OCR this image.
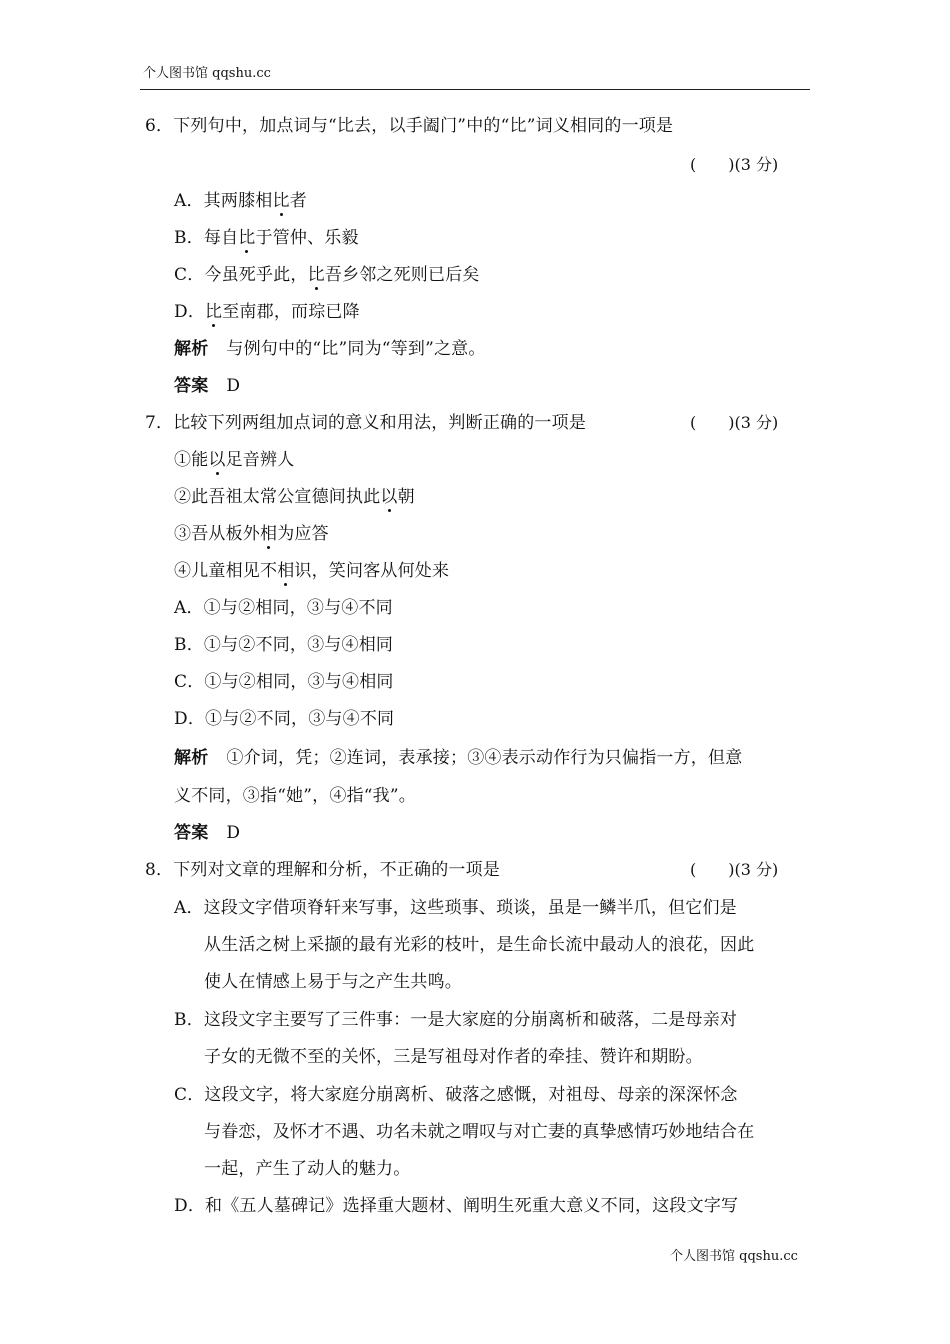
个人图书馆 qqshu.cc
6．下列句中，加点词与“比去，以手阖门”中的“比”词义相同的一项是
(　　)(3 分)
A．其两膝相比者
B．每自比于管仲、乐毅
C．今虽死乎此，比吾乡邻之死则已后矣
D．比至南郡，而琮已降
解析 与例句中的“比”同为“等到”之意。
答案 D
7．比较下列两组加点词的意义和用法，判断正确的一项是	(　　)(3 分)
①能以足音辨人
②此吾祖太常公宣德间执此以朝
③吾从板外相为应答
④儿童相见不相识，笑问客从何处来
A．①与②相同，③与④不同
B．①与②不同，③与④相同
C．①与②相同，③与④相同
D．①与②不同，③与④不同
解析 ①介词，凭；②连词，表承接；③④表示动作行为只偏指一方，但意
义不同，③指“她”，④指“我”。
答案 D
8．下列对文章的理解和分析，不正确的一项是	(　　)(3 分)
A．这段文字借项脊轩来写事，这些琐事、琐谈，虽是一鳞半爪，但它们是
从生活之树上采撷的最有光彩的枝叶，是生命长流中最动人的浪花，因此
使人在情感上易于与之产生共鸣。
B．这段文字主要写了三件事：一是大家庭的分崩离析和破落，二是母亲对
子女的无微不至的关怀，三是写祖母对作者的牵挂、赞许和期盼。
C．这段文字，将大家庭分崩离析、破落之感慨，对祖母、母亲的深深怀念
与眷恋，及怀才不遇、功名未就之喟叹与对亡妻的真挚感情巧妙地结合在
一起，产生了动人的魅力。
D．和《五人墓碑记》选择重大题材、阐明生死重大意义不同，这段文字写
个人图书馆 qqshu.cc
